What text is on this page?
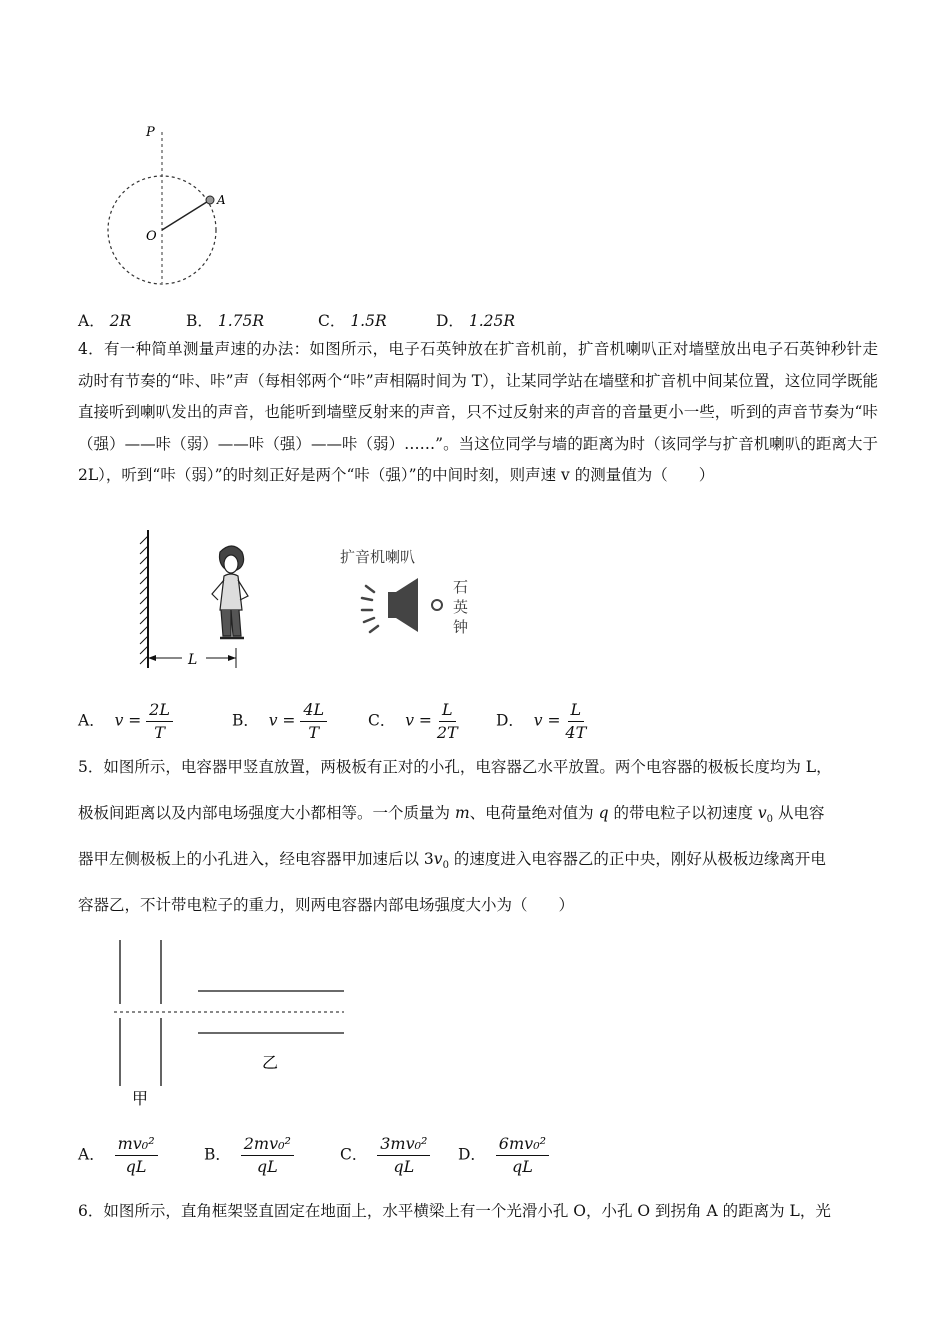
P
O
A
A． 2R	B． 1.75R	C． 1.5R	D． 1.25R

4．有一种简单测量声速的办法：如图所示，电子石英钟放在扩音机前，扩音机喇叭正对墙壁放出电子石英钟秒针走动时有节奏的“咔、咔”声（每相邻两个“咔”声相隔时间为 T），让某同学站在墙壁和扩音机中间某位置，这位同学既能直接听到喇叭发出的声音，也能听到墙壁反射来的声音，只不过反射来的声音的音量更小一些，听到的声音节奏为“咔（强）——咔（弱）——咔（强）——咔（弱）……”。当这位同学与墙的距离为时（该同学与扩音机喇叭的距离大于 2L），听到“咔（弱）”的时刻正好是两个“咔（强）”的中间时刻，则声速 v 的测量值为（　　）

L
扩音机喇叭
石
英
钟
A． $v = \frac{2L}{T}$	B． $v = \frac{4L}{T}$	C． $v = \frac{L}{2T}$ D． $v = \frac{L}{4T}$
5．如图所示，电容器甲竖直放置，两极板有正对的小孔，电容器乙水平放置。两个电容器的极板长度均为 L，
极板间距离以及内部电场强度大小都相等。一个质量为 m、电荷量绝对值为 q 的带电粒子以初速度 $v_0$ 从电容
器甲左侧极板上的小孔进入，经电容器甲加速后以 $3v_0$ 的速度进入电容器乙的正中央，刚好从极板边缘离开电
容器乙，不计带电粒子的重力，则两电容器内部电场强度大小为（　　）
甲
乙
A． $\frac{\text{mv₀²}}{qL}$	B． $\frac{\text{2mv₀²}}{qL}$	C． $\frac{\text{3mv₀²}}{qL}$ D． $\frac{\text{6mv₀²}}{qL}$
6．如图所示，直角框架竖直固定在地面上，水平横梁上有一个光滑小孔 O，小孔 O 到拐角 A 的距离为 L，光
